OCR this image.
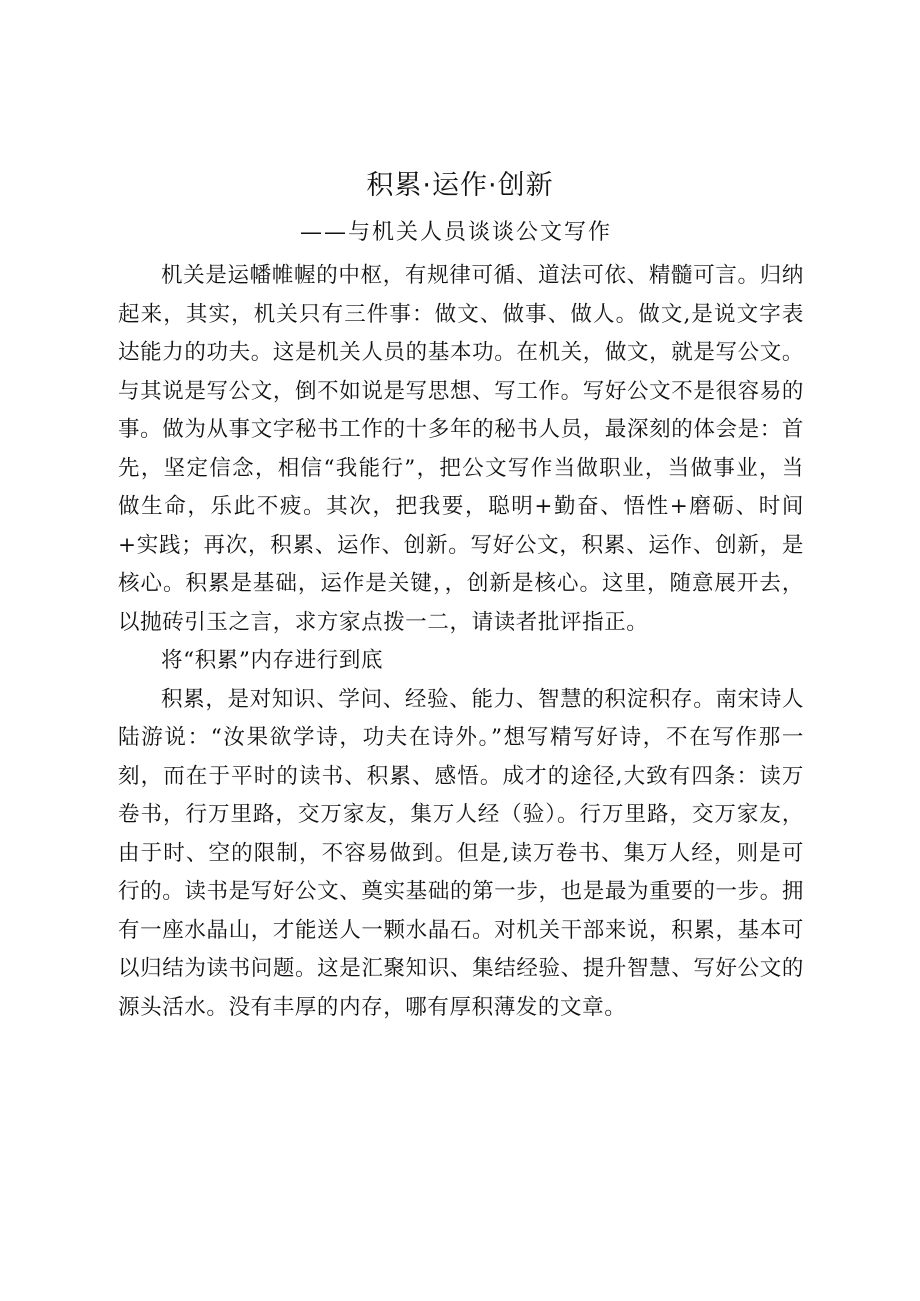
积累·运作·创新
——与机关人员谈谈公文写作

机关是运幡帷幄的中枢，有规律可循、道法可依、精髓可言。归纳起来，其实，机关只有三件事：做文、做事、做人。做文,是说文字表达能力的功夫。这是机关人员的基本功。在机关，做文，就是写公文。与其说是写公文，倒不如说是写思想、写工作。写好公文不是很容易的事。做为从事文字秘书工作的十多年的秘书人员，最深刻的体会是：首先，坚定信念，相信“我能行”，把公文写作当做职业，当做事业，当做生命，乐此不疲。其次，把我要，聪明+勤奋、悟性+磨砺、时间+实践；再次，积累、运作、创新。写好公文，积累、运作、创新，是核心。积累是基础，运作是关键，，创新是核心。这里，随意展开去，以抛砖引玉之言，求方家点拨一二，请读者批评指正。

将“积累”内存进行到底

积累，是对知识、学问、经验、能力、智慧的积淀积存。南宋诗人陆游说：“汝果欲学诗，功夫在诗外。”想写精写好诗，不在写作那一刻，而在于平时的读书、积累、感悟。成才的途径,大致有四条：读万卷书，行万里路，交万家友，集万人经（验）。行万里路，交万家友，由于时、空的限制，不容易做到。但是,读万卷书、集万人经，则是可行的。读书是写好公文、奠实基础的第一步，也是最为重要的一步。拥有一座水晶山，才能送人一颗水晶石。对机关干部来说，积累，基本可以归结为读书问题。这是汇聚知识、集结经验、提升智慧、写好公文的源头活水。没有丰厚的内存，哪有厚积薄发的文章。
